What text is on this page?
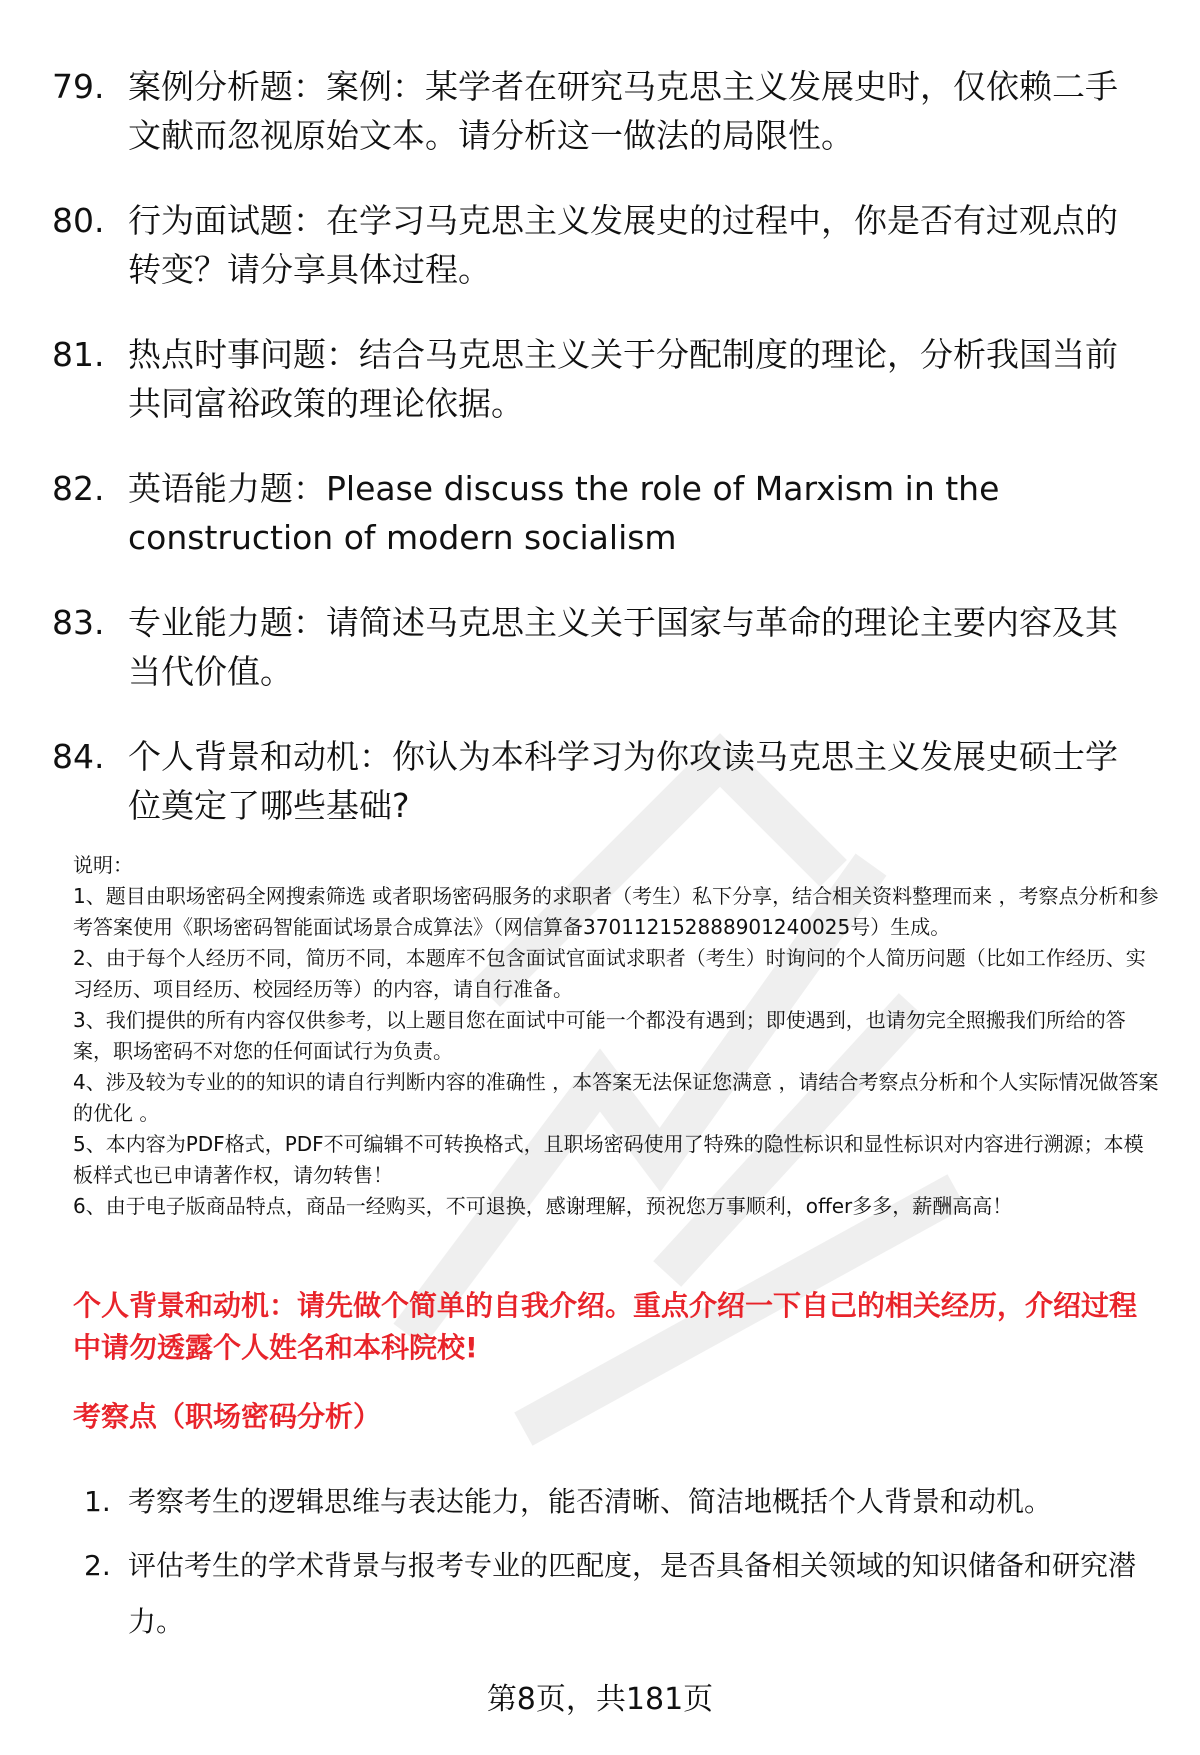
79. 案例分析题：案例：某学者在研究马克思主义发展史时，仅依赖二手文献而忽视原始文本。请分析这一做法的局限性。
80. 行为面试题：在学习马克思主义发展史的过程中，你是否有过观点的转变？请分享具体过程。
81. 热点时事问题：结合马克思主义关于分配制度的理论，分析我国当前共同富裕政策的理论依据。
82. 英语能力题：Please discuss the role of Marxism in the construction of modern socialism
83. 专业能力题：请简述马克思主义关于国家与革命的理论主要内容及其当代价值。
84. 个人背景和动机：你认为本科学习为你攻读马克思主义发展史硕士学位奠定了哪些基础?

说明：

1、题目由职场密码全网搜索筛选 或者职场密码服务的求职者（考生）私下分享，结合相关资料整理而来 ，考察点分析和参考答案使用《职场密码智能面试场景合成算法》（网信算备370112152888901240025号）生成。

2、由于每个人经历不同，简历不同，本题库不包含面试官面试求职者（考生）时询问的个人简历问题（比如工作经历、实习经历、项目经历、校园经历等）的内容，请自行准备。

3、我们提供的所有内容仅供参考，以上题目您在面试中可能一个都没有遇到；即使遇到，也请勿完全照搬我们所给的答案，职场密码不对您的任何面试行为负责。

4、涉及较为专业的的知识的请自行判断内容的准确性 ，本答案无法保证您满意 ，请结合考察点分析和个人实际情况做答案的优化 。

5、本内容为PDF格式，PDF不可编辑不可转换格式，且职场密码使用了特殊的隐性标识和显性标识对内容进行溯源；本模板样式也已申请著作权，请勿转售！

6、由于电子版商品特点，商品一经购买，不可退换，感谢理解，预祝您万事顺利，offer多多，薪酬高高！

个人背景和动机：请先做个简单的自我介绍。重点介绍一下自己的相关经历，介绍过程中请勿透露个人姓名和本科院校!
考察点（职场密码分析）
1. 考察考生的逻辑思维与表达能力，能否清晰、简洁地概括个人背景和动机。
2. 评估考生的学术背景与报考专业的匹配度，是否具备相关领域的知识储备和研究潜力。
第8页，共181页
